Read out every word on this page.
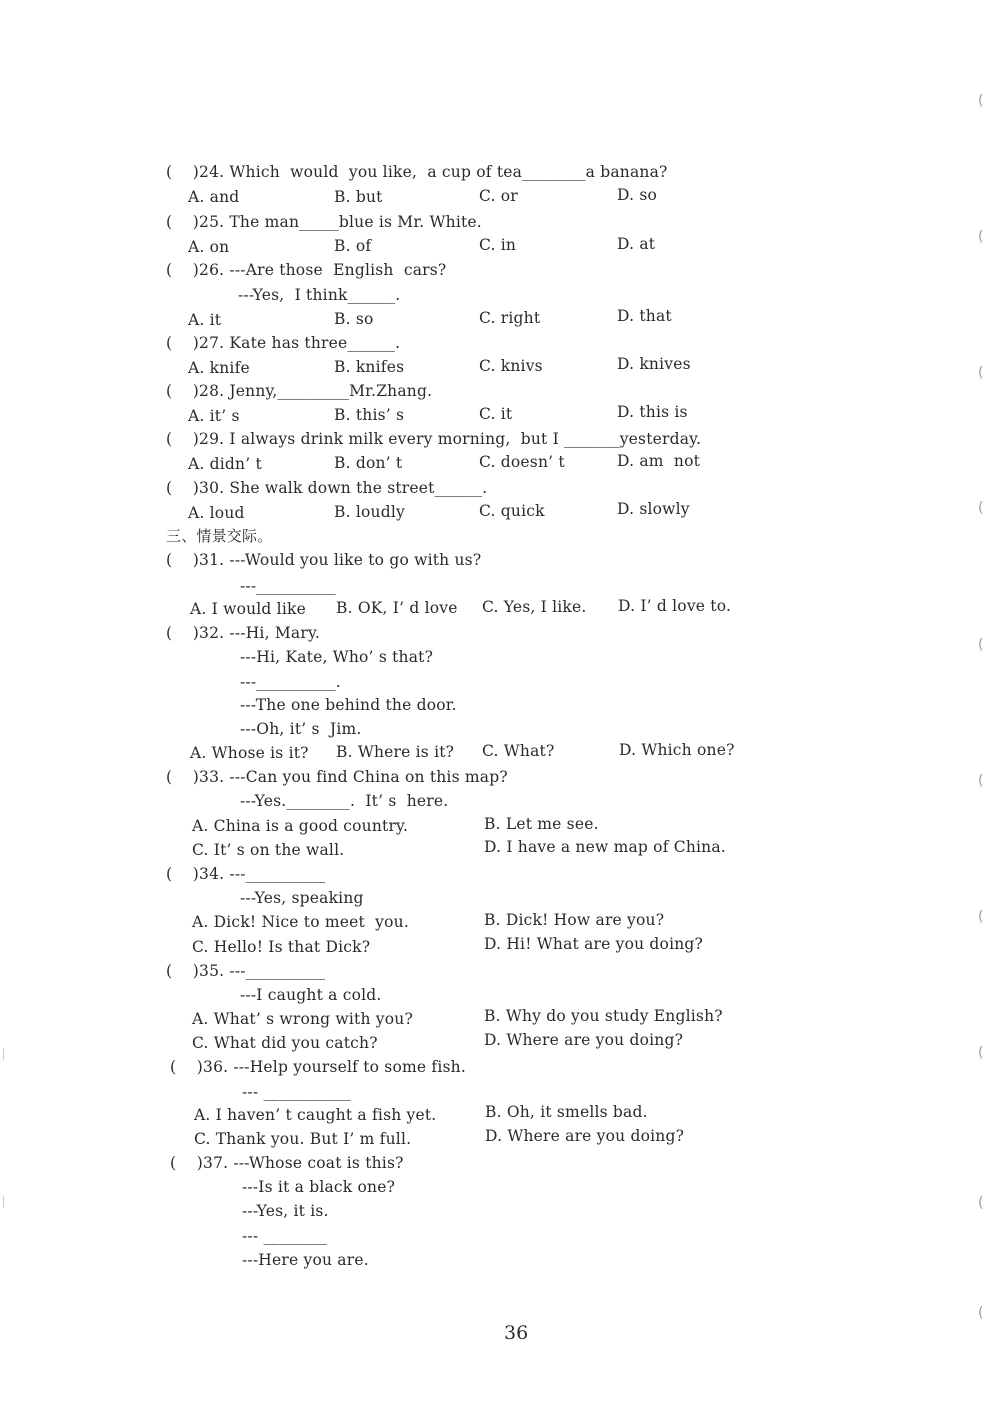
(    )24. Which  would  you like,  a cup of tea________a banana?
A. and	B. but	C. or	D. so
(    )25. The man_____blue is Mr. White.
A. on	B. of	C. in	D. at
(    )26. ---Are those  English  cars?
---Yes,  I think______.
A. it	B. so	C. right	D. that
(    )27. Kate has three______.
A. knife	B. knifes	C. knivs	D. knives
(    )28. Jenny,_________Mr.Zhang.
A. it’ s	B. this’ s	C. it	D. this is
(    )29. I always drink milk every morning,  but I _______yesterday.
A. didn’ t	B. don’ t	C. doesn’ t	D. am  not
(    )30. She walk down the street______.
A. loud	B. loudly	C. quick	D. slowly
三、情景交际。
(    )31. ---Would you like to go with us?
---__________
A. I would like B. OK, I’ d love C. Yes, I like. D. I’ d love to.
(    )32. ---Hi, Mary.
---Hi, Kate, Who’ s that?
---__________.
---The one behind the door.
---Oh, it’ s  Jim.
A. Whose is it? B. Where is it? C. What?	D. Which one?
(    )33. ---Can you find China on this map?
---Yes.________.  It’ s  here.
A. China is a good country.	B. Let me see.
C. It’ s on the wall.	D. I have a new map of China.
(    )34. ---__________
---Yes, speaking
A. Dick! Nice to meet  you.	B. Dick! How are you?
C. Hello! Is that Dick?	D. Hi! What are you doing?
(    )35. ---__________
---I caught a cold.
A. What’ s wrong with you?	B. Why do you study English?
C. What did you catch?	D. Where are you doing?
(    )36. ---Help yourself to some fish.
--- ___________
A. I haven’ t caught a fish yet.	B. Oh, it smells bad.
C. Thank you. But I’ m full.	D. Where are you doing?
(    )37. ---Whose coat is this?
---Is it a black one?
---Yes, it is.
--- ________
---Here you are.
36
(
(
(
(
(
(
(
(
(
(
